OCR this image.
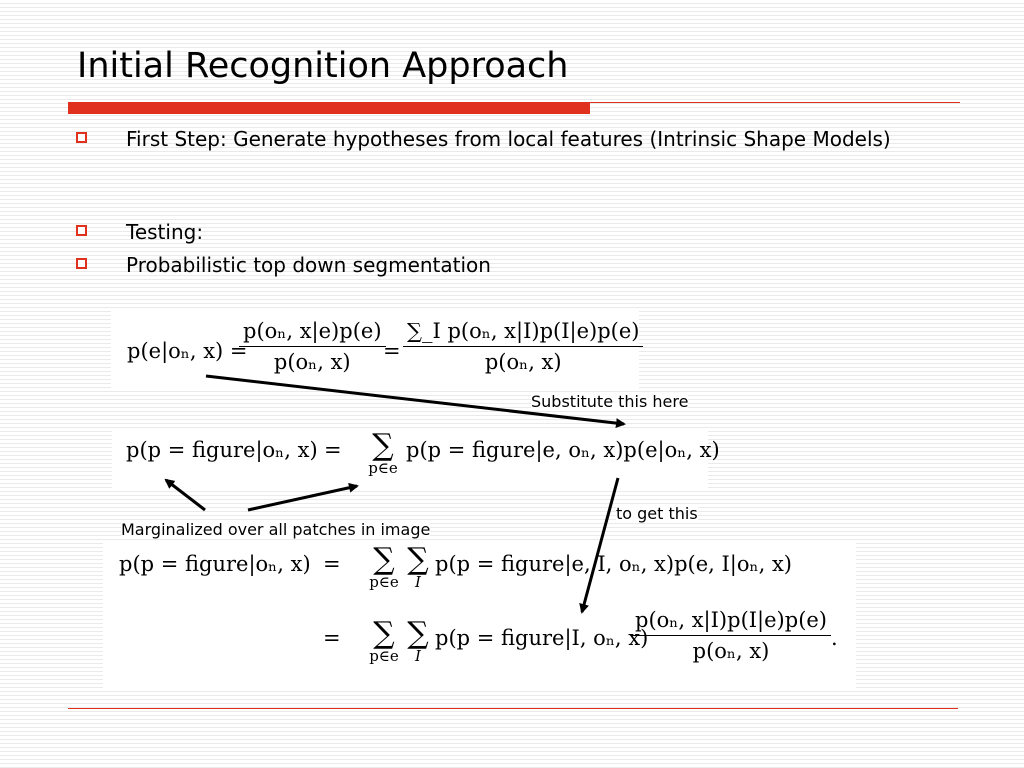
Initial Recognition Approach
First Step: Generate hypotheses from local features (Intrinsic Shape Models)
Testing:
Probabilistic top down segmentation
p(e|oₙ, x) =
p(oₙ, x|e)p(e)
p(oₙ, x)	=
∑_I p(oₙ, x|I)p(I|e)p(e)
p(oₙ, x)
p(p = figure|oₙ, x) = ∑
p∈e
p(p = figure|e, oₙ, x)p(e|oₙ, x)
p(p = figure|oₙ, x) = ∑
p∈e
∑
I
p(p = figure|e, I, oₙ, x)p(e, I|oₙ, x)
= ∑
p∈e
∑
I
p(p = figure|I, oₙ, x)
p(oₙ, x|I)p(I|e)p(e)
p(oₙ, x)
.
Substitute this here
Marginalized over all patches in image
to get this
